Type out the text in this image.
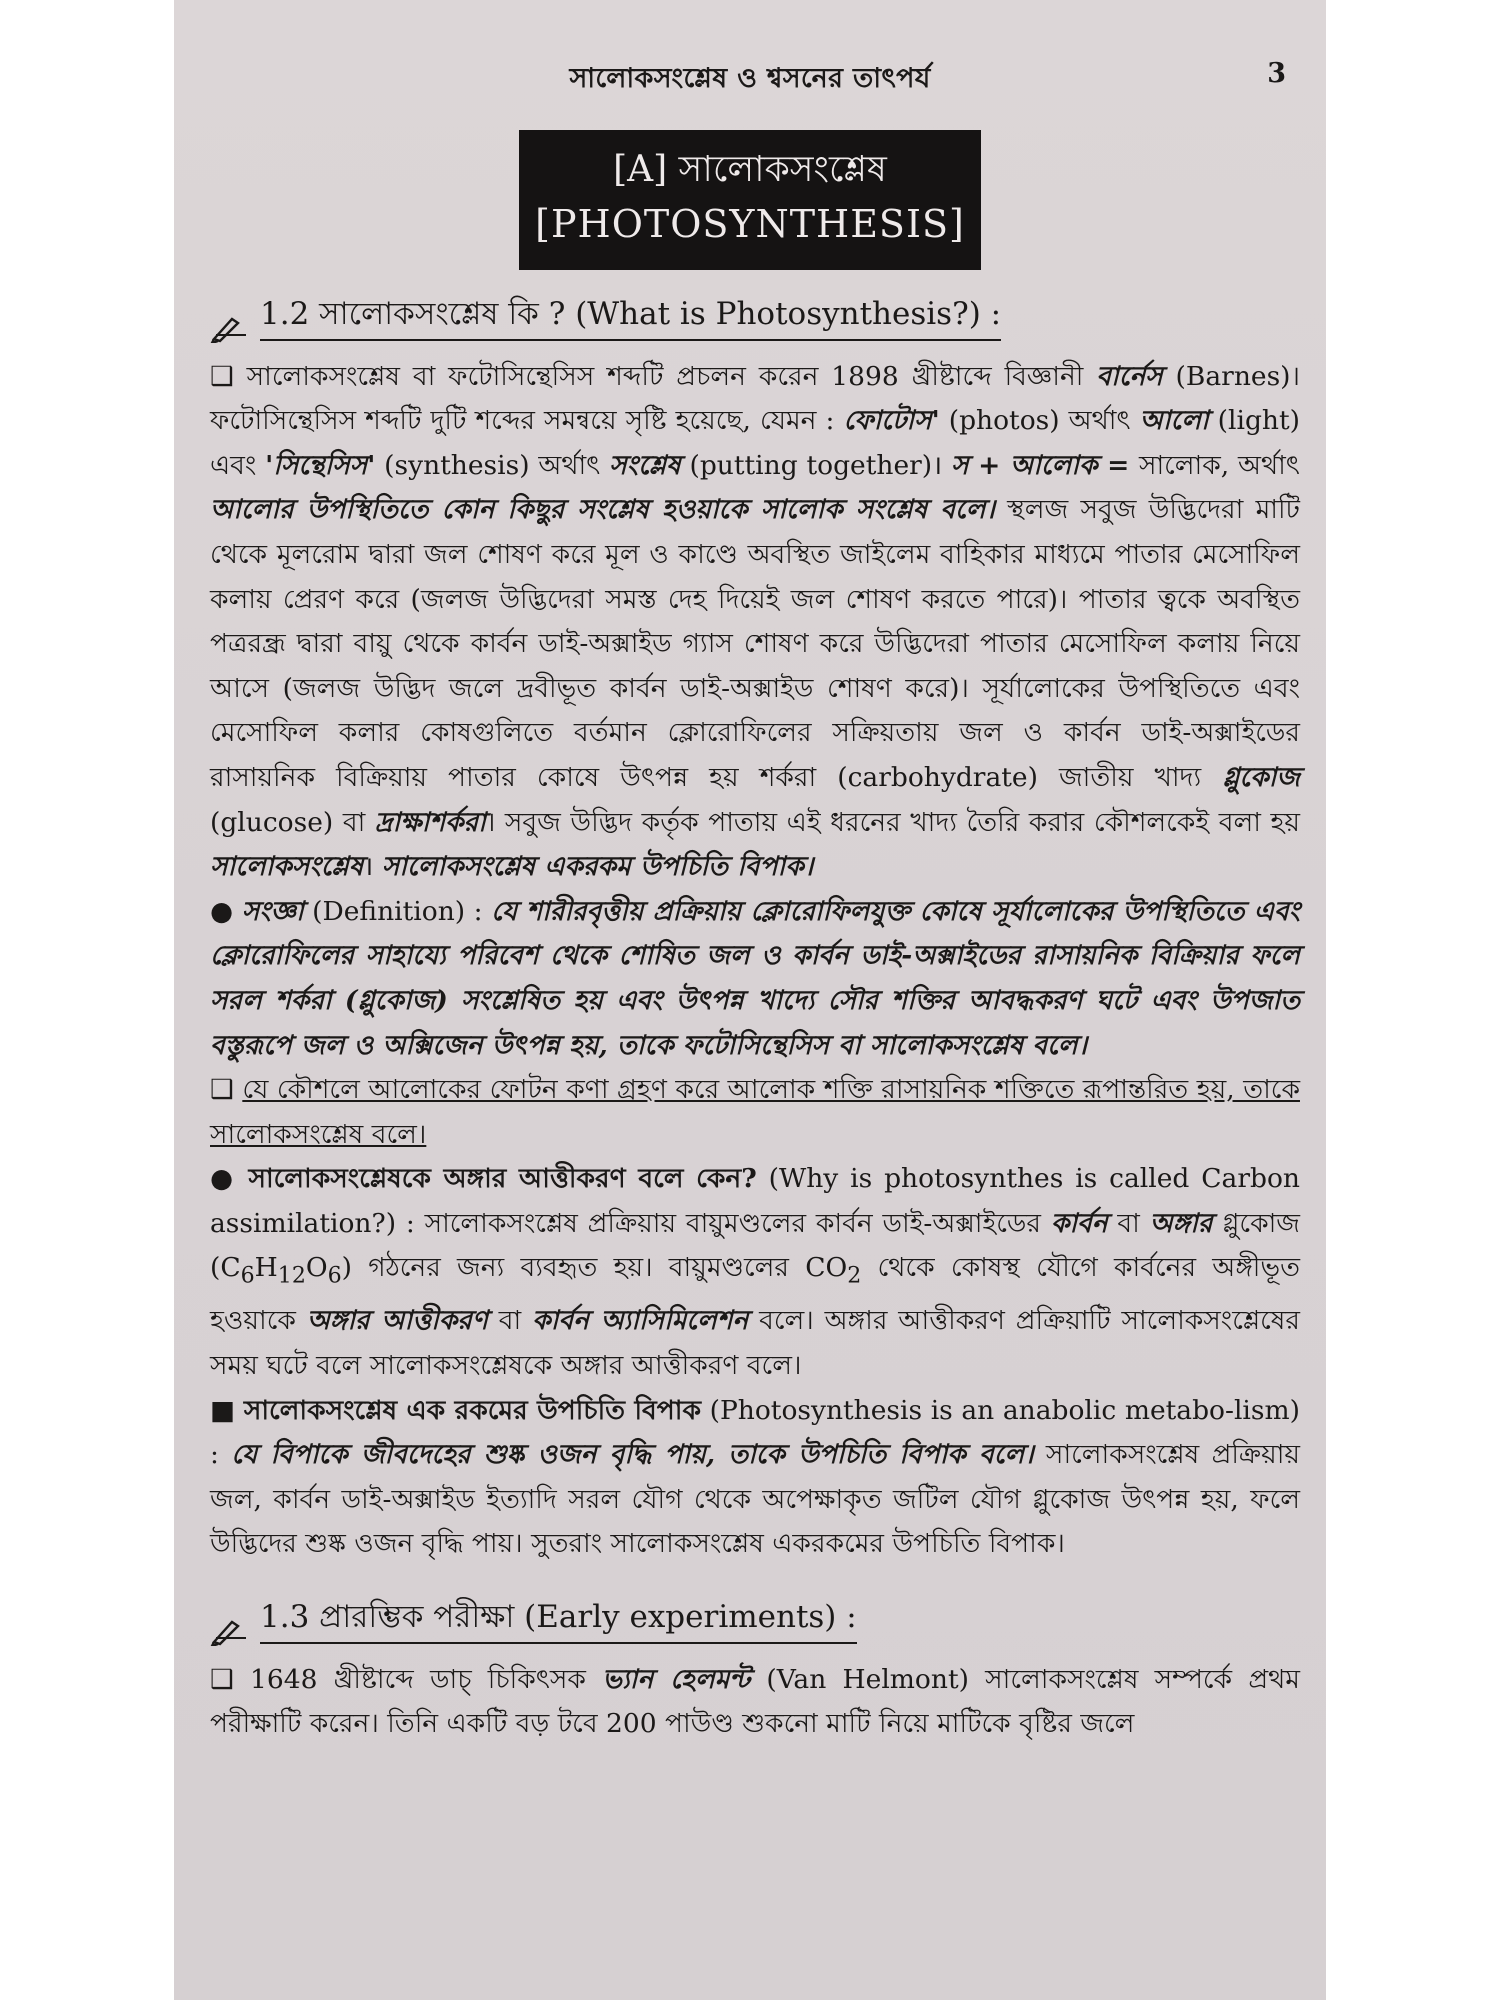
সালোকসংশ্লেষ ও শ্বসনের তাৎপর্য	3
[A] সালোকসংশ্লেষ
[PHOTOSYNTHESIS]

1.2 সালোকসংশ্লেষ কি ? (What is Photosynthesis?) :

❑ সালোকসংশ্লেষ বা ফটোসিন্থেসিস শব্দটি প্রচলন করেন 1898 খ্রীষ্টাব্দে বিজ্ঞানী বার্নেস (Barnes)। ফটোসিন্থেসিস শব্দটি দুটি শব্দের সমন্বয়ে সৃষ্টি হয়েছে, যেমন : ফোটোস' (photos) অর্থাৎ আলো (light) এবং 'সিন্থেসিস' (synthesis) অর্থাৎ সংশ্লেষ (putting together)। স + আলোক = সালোক, অর্থাৎ আলোর উপস্থিতিতে কোন কিছুর সংশ্লেষ হওয়াকে সালোক সংশ্লেষ বলে। স্থলজ সবুজ উদ্ভিদেরা মাটি থেকে মূলরোম দ্বারা জল শোষণ করে মূল ও কাণ্ডে অবস্থিত জাইলেম বাহিকার মাধ্যমে পাতার মেসোফিল কলায় প্রেরণ করে (জলজ উদ্ভিদেরা সমস্ত দেহ দিয়েই জল শোষণ করতে পারে)। পাতার ত্বকে অবস্থিত পত্ররন্ধ্র দ্বারা বায়ু থেকে কার্বন ডাই-অক্সাইড গ্যাস শোষণ করে উদ্ভিদেরা পাতার মেসোফিল কলায় নিয়ে আসে (জলজ উদ্ভিদ জলে দ্রবীভূত কার্বন ডাই-অক্সাইড শোষণ করে)। সূর্যালোকের উপস্থিতিতে এবং মেসোফিল কলার কোষগুলিতে বর্তমান ক্লোরোফিলের সক্রিয়তায় জল ও কার্বন ডাই-অক্সাইডের রাসায়নিক বিক্রিয়ায় পাতার কোষে উৎপন্ন হয় শর্করা (carbohydrate) জাতীয় খাদ্য গ্লুকোজ (glucose) বা দ্রাক্ষাশর্করা। সবুজ উদ্ভিদ কর্তৃক পাতায় এই ধরনের খাদ্য তৈরি করার কৌশলকেই বলা হয় সালোকসংশ্লেষ। সালোকসংশ্লেষ একরকম উপচিতি বিপাক।

● সংজ্ঞা (Definition) : যে শারীরবৃত্তীয় প্রক্রিয়ায় ক্লোরোফিলযুক্ত কোষে সূর্যালোকের উপস্থিতিতে এবং ক্লোরোফিলের সাহায্যে পরিবেশ থেকে শোষিত জল ও কার্বন ডাই-অক্সাইডের রাসায়নিক বিক্রিয়ার ফলে সরল শর্করা (গ্লুকোজ) সংশ্লেষিত হয় এবং উৎপন্ন খাদ্যে সৌর শক্তির আবদ্ধকরণ ঘটে এবং উপজাত বস্তুরূপে জল ও অক্সিজেন উৎপন্ন হয়, তাকে ফটোসিন্থেসিস বা সালোকসংশ্লেষ বলে।

❑ যে কৌশলে আলোকের ফোটন কণা গ্রহণ করে আলোক শক্তি রাসায়নিক শক্তিতে রূপান্তরিত হয়, তাকে সালোকসংশ্লেষ বলে।

● সালোকসংশ্লেষকে অঙ্গার আত্তীকরণ বলে কেন? (Why is photosynthes is called Carbon assimilation?) : সালোকসংশ্লেষ প্রক্রিয়ায় বায়ুমণ্ডলের কার্বন ডাই-অক্সাইডের কার্বন বা অঙ্গার গ্লুকোজ $(C_6H_{12}O_6)$ গঠনের জন্য ব্যবহৃত হয়। বায়ুমণ্ডলের $CO_2$ থেকে কোষস্থ যৌগে কার্বনের অঙ্গীভূত হওয়াকে অঙ্গার আত্তীকরণ বা কার্বন অ্যাসিমিলেশন বলে। অঙ্গার আত্তীকরণ প্রক্রিয়াটি সালোকসংশ্লেষের সময় ঘটে বলে সালোকসংশ্লেষকে অঙ্গার আত্তীকরণ বলে।

■ সালোকসংশ্লেষ এক রকমের উপচিতি বিপাক (Photosynthesis is an anabolic metabo-lism) : যে বিপাকে জীবদেহের শুষ্ক ওজন বৃদ্ধি পায়, তাকে উপচিতি বিপাক বলে। সালোকসংশ্লেষ প্রক্রিয়ায় জল, কার্বন ডাই-অক্সাইড ইত্যাদি সরল যৌগ থেকে অপেক্ষাকৃত জটিল যৌগ গ্লুকোজ উৎপন্ন হয়, ফলে উদ্ভিদের শুষ্ক ওজন বৃদ্ধি পায়। সুতরাং সালোকসংশ্লেষ একরকমের উপচিতি বিপাক।

1.3 প্রারম্ভিক পরীক্ষা (Early experiments) :

❑ 1648 খ্রীষ্টাব্দে ডাচ্ চিকিৎসক ভ্যান হেলমন্ট (Van Helmont) সালোকসংশ্লেষ সম্পর্কে প্রথম পরীক্ষাটি করেন। তিনি একটি বড় টবে 200 পাউণ্ড শুকনো মাটি নিয়ে মাটিকে বৃষ্টির জলে
